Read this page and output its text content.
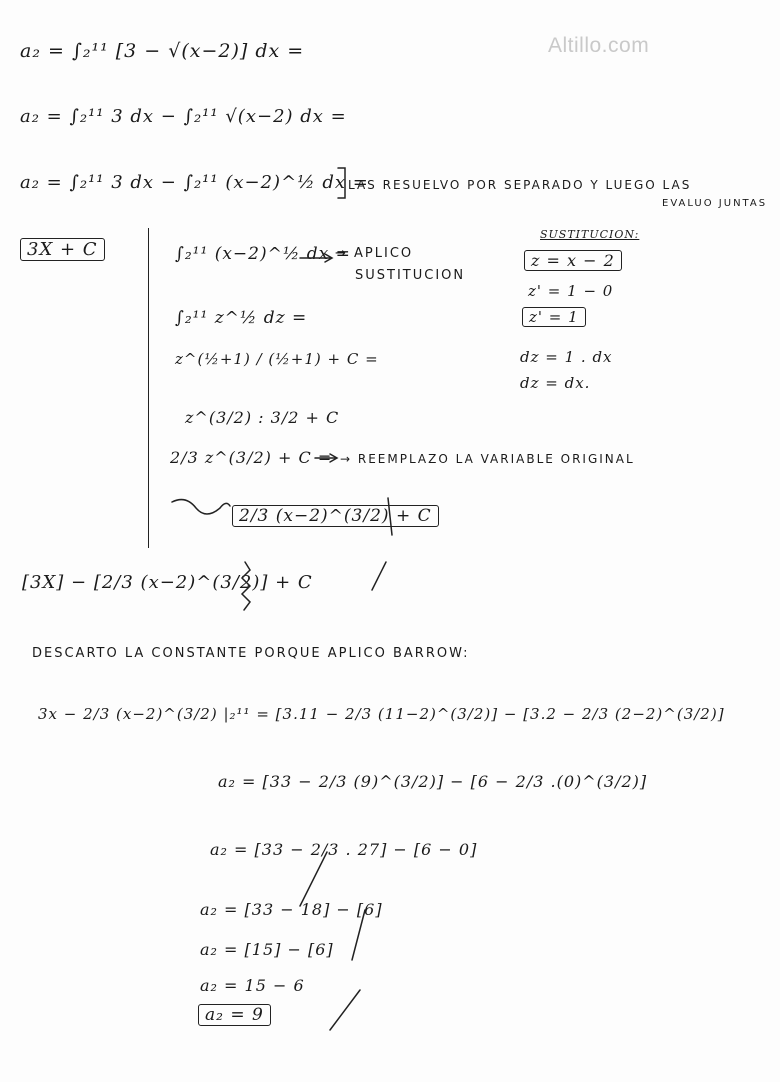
Altillo.com
a₂ = ∫₂¹¹ [3 − √(x−2)] dx =
a₂ = ∫₂¹¹ 3 dx − ∫₂¹¹ √(x−2) dx =
a₂ = ∫₂¹¹ 3 dx − ∫₂¹¹ (x−2)^½ dx =
LAS RESUELVO POR SEPARADO Y LUEGO LAS
EVALUO JUNTAS
3X + C	∫₂¹¹ (x−2)^½ dx =
→ APLICO
SUSTITUCION
∫₂¹¹ z^½ dz =
z^(½+1) / (½+1) + C =
z^(3/2) : 3/2 + C
2/3 z^(3/2) + C = → REEMPLAZO LA VARIABLE ORIGINAL
2/3 (x−2)^(3/2) + C
SUSTITUCION:
z = x − 2
z' = 1 − 0
z' = 1
dz = 1 . dx
dz = dx.
[3X] − [2/3 (x−2)^(3/2)] + C
DESCARTO LA CONSTANTE PORQUE APLICO BARROW:
3x − 2/3 (x−2)^(3/2) |₂¹¹ = [3.11 − 2/3 (11−2)^(3/2)] − [3.2 − 2/3 (2−2)^(3/2)]
a₂ = [33 − 2/3 (9)^(3/2)] − [6 − 2/3 .(0)^(3/2)]
a₂ = [33 − 2/3 . 27] − [6 − 0]
a₂ = [33 − 18] − [6]
a₂ = [15] − [6]
a₂ = 15 − 6
a₂ = 9
